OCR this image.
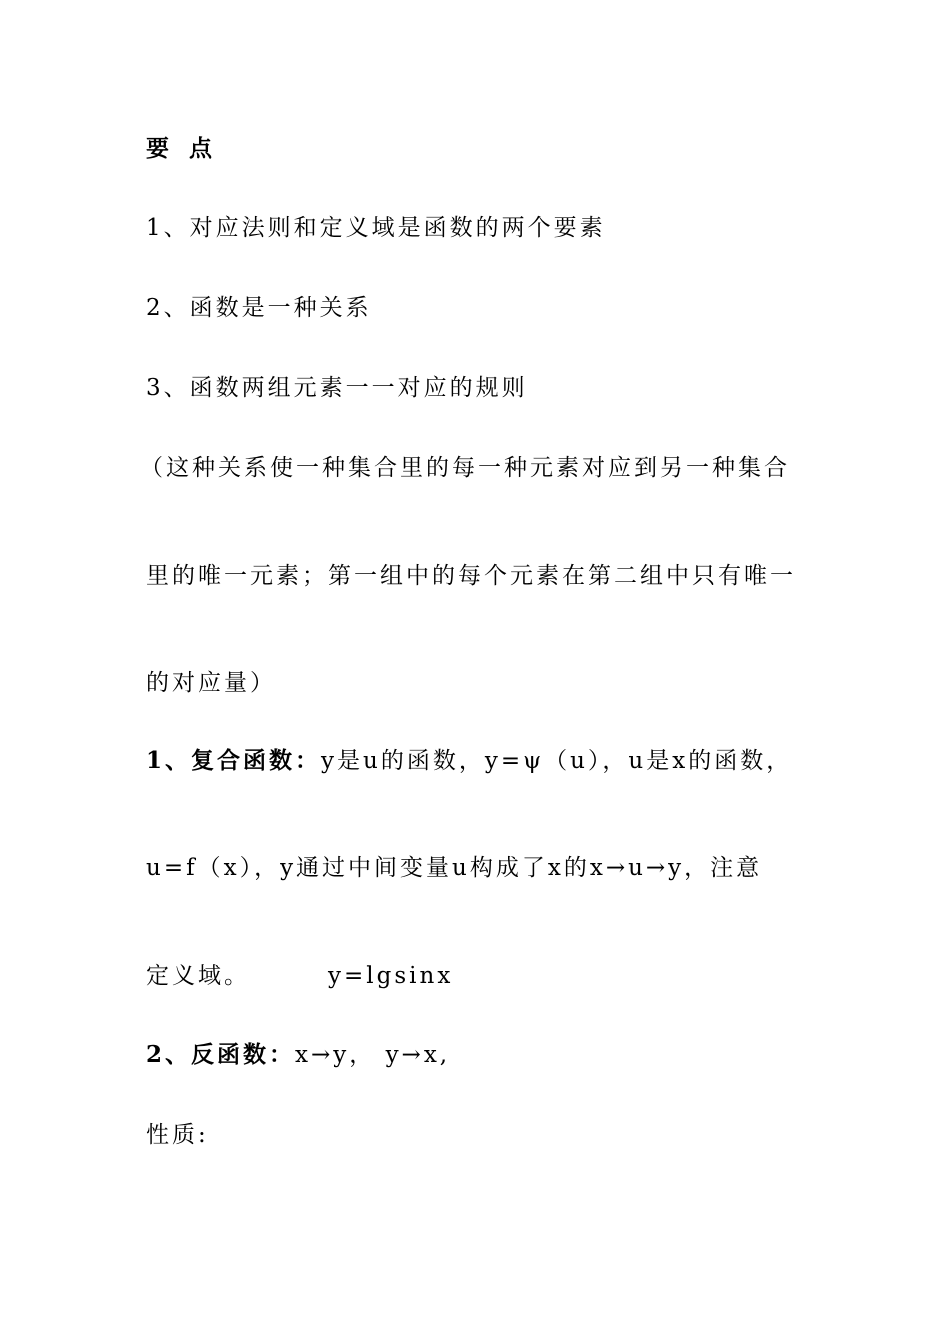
要 点
1、对应法则和定义域是函数的两个要素
2、函数是一种关系
3、函数两组元素一一对应的规则
（这种关系使一种集合里的每一种元素对应到另一种集合
里的唯一元素；第一组中的每个元素在第二组中只有唯一
的对应量）
1、复合函数：y是u的函数，y=ψ（u），u是x的函数，
u=f（x），y通过中间变量u构成了x的x→u→y，注意
定义域。	y=lgsinx
2、反函数：x→y， y→x,
性质:
